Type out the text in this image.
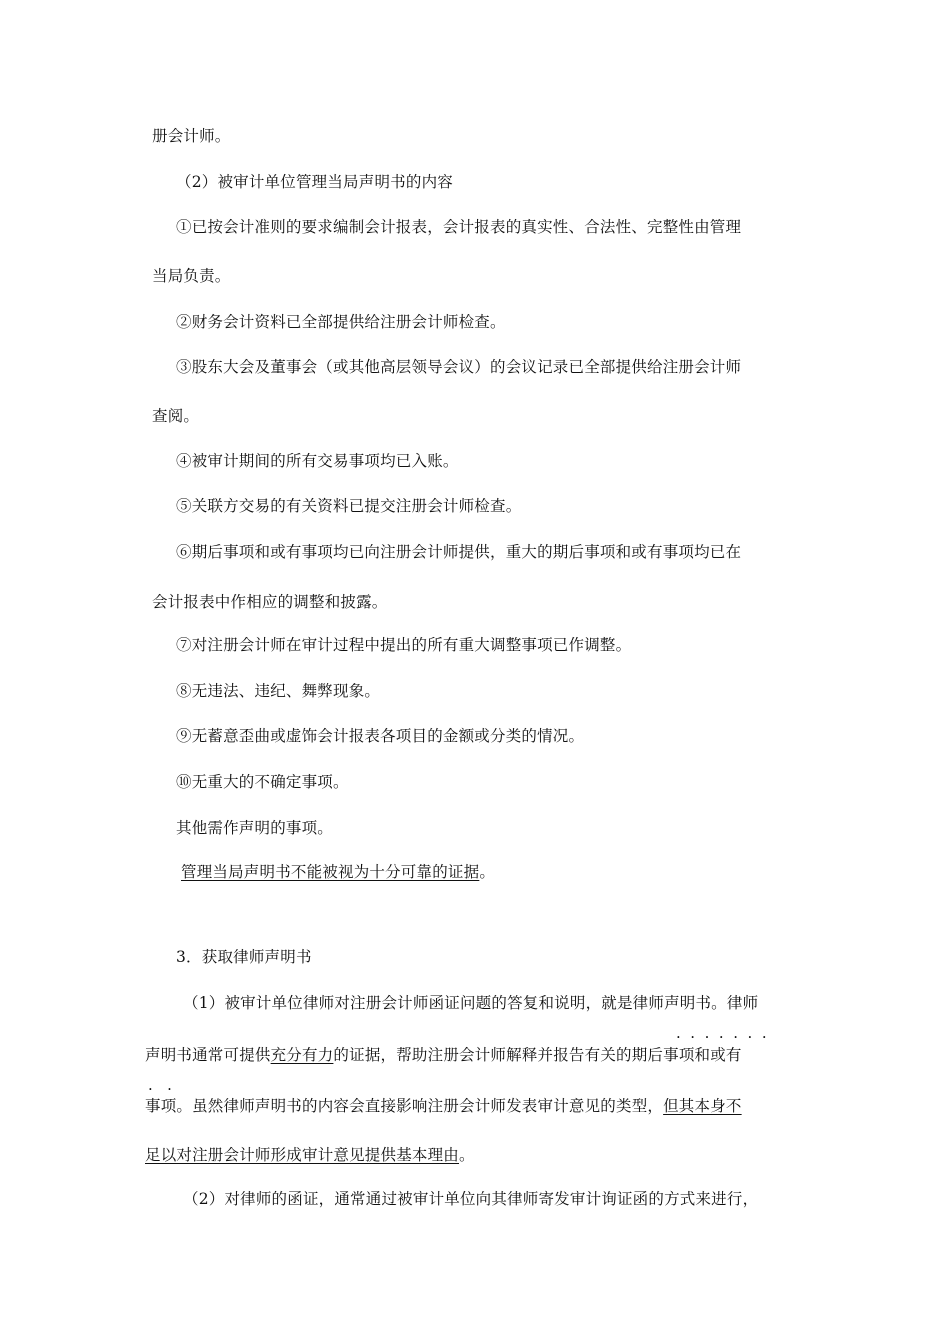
册会计师。
（2）被审计单位管理当局声明书的内容
①已按会计准则的要求编制会计报表，会计报表的真实性、合法性、完整性由管理
当局负责。
②财务会计资料已全部提供给注册会计师检查。
③股东大会及董事会（或其他高层领导会议）的会议记录已全部提供给注册会计师
查阅。
④被审计期间的所有交易事项均已入账。
⑤关联方交易的有关资料已提交注册会计师检查。
⑥期后事项和或有事项均已向注册会计师提供，重大的期后事项和或有事项均已在
会计报表中作相应的调整和披露。
⑦对注册会计师在审计过程中提出的所有重大调整事项已作调整。
⑧无违法、违纪、舞弊现象。
⑨无蓄意歪曲或虚饰会计报表各项目的金额或分类的情况。
⑩无重大的不确定事项。
其他需作声明的事项。
管理当局声明书不能被视为十分可靠的证据。
3．获取律师声明书
（1）被审计单位律师对注册会计师函证问题的答复和说明，就是律师声明书。律师
·  ·  ·  ·  ·  ·  ·
声明书通常可提供充分有力的证据，帮助注册会计师解释并报告有关的期后事项和或有
·   ·
事项。虽然律师声明书的内容会直接影响注册会计师发表审计意见的类型，但其本身不
足以对注册会计师形成审计意见提供基本理由。
（2）对律师的函证，通常通过被审计单位向其律师寄发审计询证函的方式来进行，
